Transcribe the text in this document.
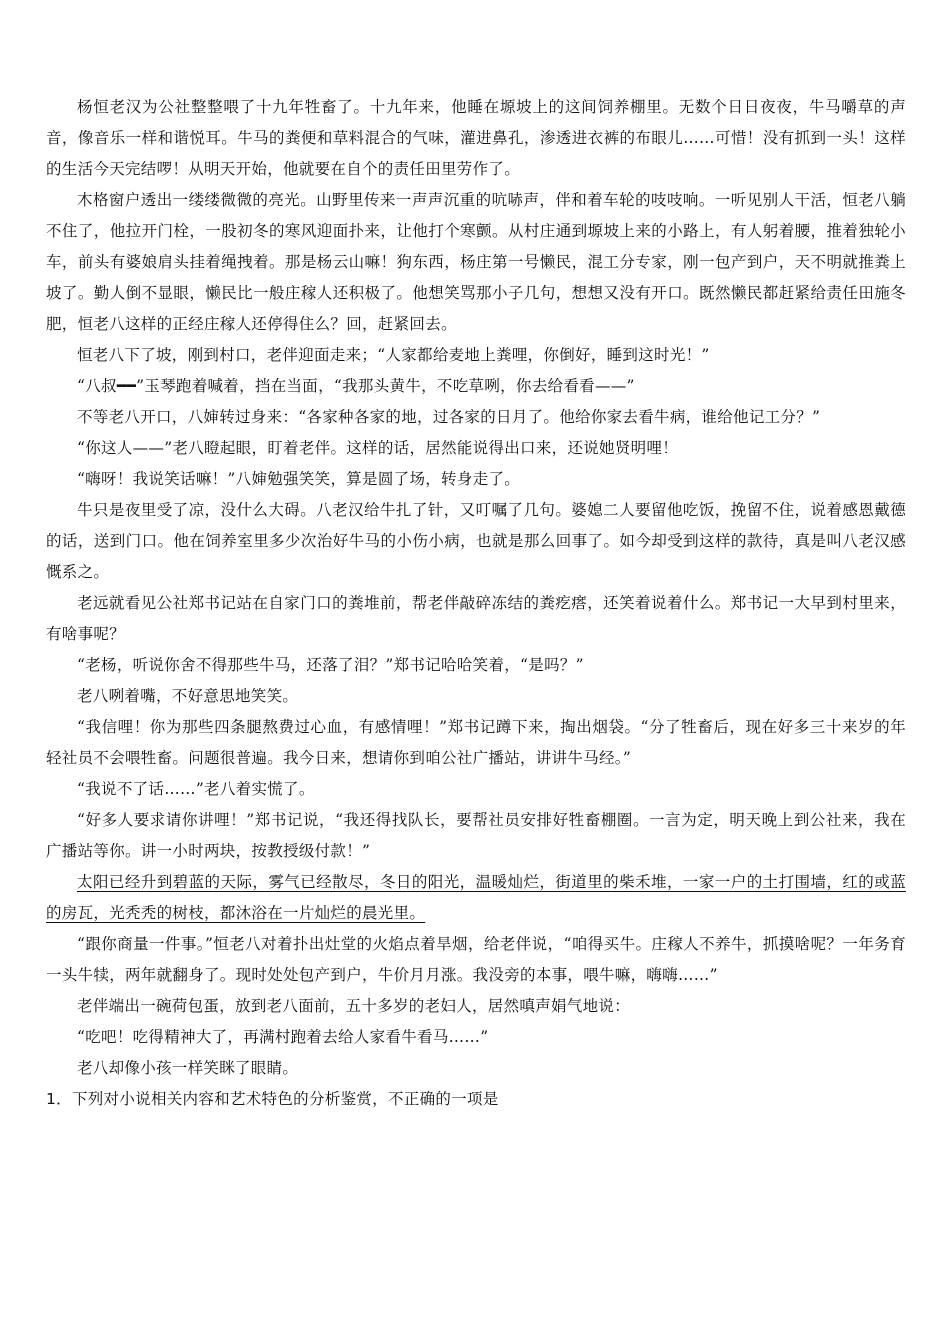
杨恒老汉为公社整整喂了十九年牲畜了。十九年来，他睡在塬坡上的这间饲养棚里。无数个日日夜夜，牛马嚼草的声音，像音乐一样和谐悦耳。牛马的粪便和草料混合的气味，灌进鼻孔，渗透进衣裤的布眼儿……可惜！没有抓到一头！这样的生活今天完结啰！从明天开始，他就要在自个的责任田里劳作了。

木格窗户透出一缕缕微微的亮光。山野里传来一声声沉重的吭哧声，伴和着车轮的吱吱响。一听见别人干活，恒老八躺不住了，他拉开门栓，一股初冬的寒风迎面扑来，让他打个寒颤。从村庄通到塬坡上来的小路上，有人躬着腰，推着独轮小车，前头有婆娘肩头挂着绳拽着。那是杨云山嘛！狗东西，杨庄第一号懒民，混工分专家，刚一包产到户，天不明就推粪上坡了。勤人倒不显眼，懒民比一般庄稼人还积极了。他想笑骂那小子几句，想想又没有开口。既然懒民都赶紧给责任田施冬肥，恒老八这样的正经庄稼人还停得住么？回，赶紧回去。

恒老八下了坡，刚到村口，老伴迎面走来；“人家都给麦地上粪哩，你倒好，睡到这时光！”

“八叔━━”玉琴跑着喊着，挡在当面，“我那头黄牛，不吃草咧，你去给看看——”

不等老八开口，八婶转过身来：“各家种各家的地，过各家的日月了。他给你家去看牛病，谁给他记工分？”

“你这人——”老八瞪起眼，盯着老伴。这样的话，居然能说得出口来，还说她贤明哩！

“嗨呀！我说笑话嘛！”八婶勉强笑笑，算是圆了场，转身走了。

牛只是夜里受了凉，没什么大碍。八老汉给牛扎了针，又叮嘱了几句。婆媳二人要留他吃饭，挽留不住，说着感恩戴德的话，送到门口。他在饲养室里多少次治好牛马的小伤小病，也就是那么回事了。如今却受到这样的款待，真是叫八老汉感慨系之。

老远就看见公社郑书记站在自家门口的粪堆前，帮老伴敲碎冻结的粪疙瘩，还笑着说着什么。郑书记一大早到村里来，有啥事呢？

“老杨，听说你舍不得那些牛马，还落了泪？”郑书记哈哈笑着，“是吗？”

老八咧着嘴，不好意思地笑笑。

“我信哩！你为那些四条腿熬费过心血，有感情哩！”郑书记蹲下来，掏出烟袋。“分了牲畜后，现在好多三十来岁的年轻社员不会喂牲畜。问题很普遍。我今日来，想请你到咱公社广播站，讲讲牛马经。”

“我说不了话……”老八着实慌了。

“好多人要求请你讲哩！”郑书记说，“我还得找队长，要帮社员安排好牲畜棚圈。一言为定，明天晚上到公社来，我在广播站等你。讲一小时两块，按教授级付款！”

太阳已经升到碧蓝的天际，雾气已经散尽，冬日的阳光，温暖灿烂，街道里的柴禾堆，一家一户的土打围墙，红的或蓝的房瓦，光秃秃的树枝，都沐浴在一片灿烂的晨光里。

“跟你商量一件事。”恒老八对着扑出灶堂的火焰点着旱烟，给老伴说，“咱得买牛。庄稼人不养牛，抓摸啥呢？一年务育一头牛犊，两年就翻身了。现时处处包产到户，牛价月月涨。我没旁的本事，喂牛嘛，嗨嗨……”

老伴端出一碗荷包蛋，放到老八面前，五十多岁的老妇人，居然嗔声娟气地说：

“吃吧！吃得精神大了，再满村跑着去给人家看牛看马……”

老八却像小孩一样笑眯了眼睛。

1．下列对小说相关内容和艺术特色的分析鉴赏，不正确的一项是
